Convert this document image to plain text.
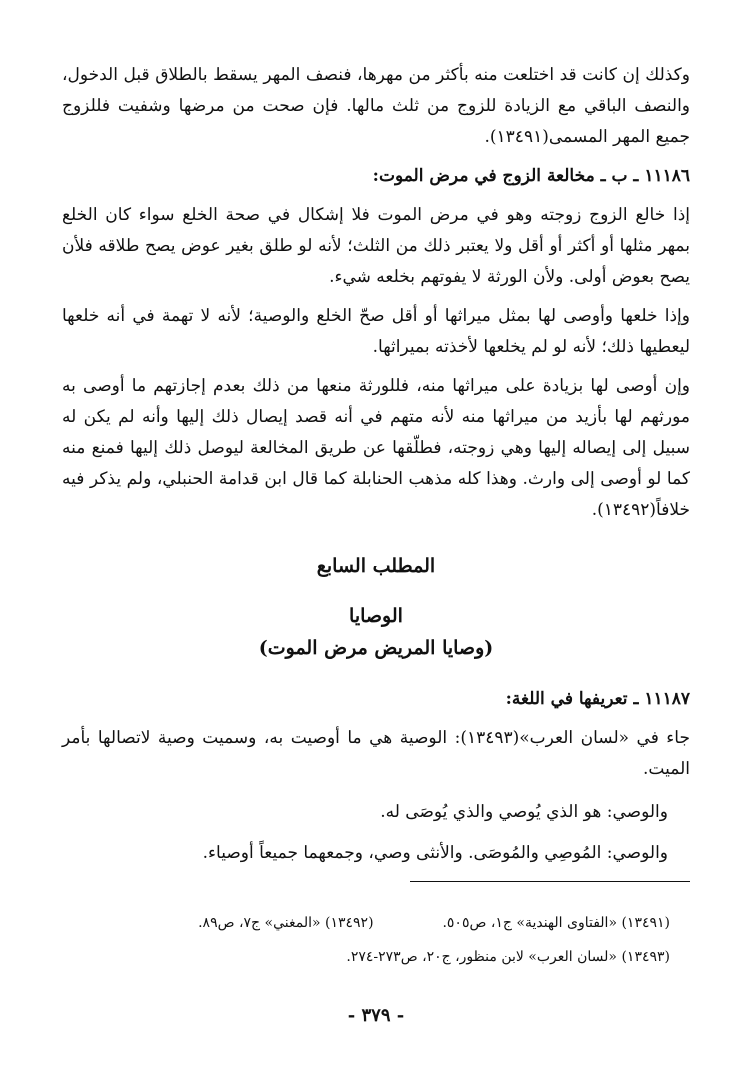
وكذلك إن كانت قد اختلعت منه بأكثر من مهرها، فنصف المهر يسقط بالطلاق قبل الدخول، والنصف الباقي مع الزيادة للزوج من ثلث مالها. فإن صحت من مرضها وشفيت فللزوج جميع المهر المسمى(١٣٤٩١).

١١١٨٦ ـ ب ـ مخالعة الزوج في مرض الموت:

إذا خالع الزوج زوجته وهو في مرض الموت فلا إشكال في صحة الخلع سواء كان الخلع بمهر مثلها أو أكثر أو أقل ولا يعتبر ذلك من الثلث؛ لأنه لو طلق بغير عوض يصح طلاقه فلأن يصح بعوض أولى. ولأن الورثة لا يفوتهم بخلعه شيء.

وإذا خلعها وأوصى لها بمثل ميراثها أو أقل صحّ الخلع والوصية؛ لأنه لا تهمة في أنه خلعها ليعطيها ذلك؛ لأنه لو لم يخلعها لأخذته بميراثها.

وإن أوصى لها بزيادة على ميراثها منه، فللورثة منعها من ذلك بعدم إجازتهم ما أوصى به مورثهم لها بأزيد من ميراثها منه لأنه متهم في أنه قصد إيصال ذلك إليها وأنه لم يكن له سبيل إلى إيصاله إليها وهي زوجته، فطلّقها عن طريق المخالعة ليوصل ذلك إليها فمنع منه كما لو أوصى إلى وارث. وهذا كله مذهب الحنابلة كما قال ابن قدامة الحنبلي، ولم يذكر فيه خلافاً(١٣٤٩٢).

المطلب السابع
الوصايا
(وصايا المريض مرض الموت)

١١١٨٧ ـ تعريفها في اللغة:

جاء في «لسان العرب»(١٣٤٩٣): الوصية هي ما أوصيت به، وسميت وصية لاتصالها بأمر الميت.

والوصي: هو الذي يُوصي والذي يُوصَى له.

والوصي: المُوصِي والمُوصَى. والأنثى وصي، وجمعهما جميعاً أوصياء.

(١٣٤٩١) «الفتاوى الهندية» ج١، ص٥٠٥.  (١٣٤٩٢) «المغني» ج٧، ص٨٩.

(١٣٤٩٣) «لسان العرب» لابن منظور، ج٢٠، ص٢٧٣-٢٧٤.

- ٣٧٩ -
